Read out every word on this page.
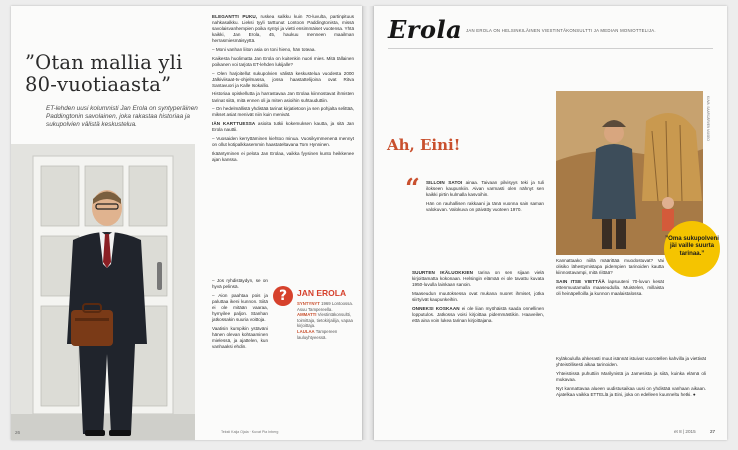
”Otan mallia yli 80-vuotiaasta”
ET-lehden uusi kolumnisti Jan Erola on syntyperäinen Paddingtonin savolainen, joka rakastaa historiaa ja sukupolvien välistä keskustelua.

ELEGANTTI PUKU, ruskea salkku kuin 70-luvulta, partinpituus nahkasalkku. Lieksi tyyli tarttunut Lontoon Paddingtonista, missä savolaisvanhempien poika syntyi ja vietti ensimmäiset vuotensa. Yhtä kaikki, Jan Erola, 45, haukuu menneen maailman herrasmiesmäisyyttä.

– Moni vanhan liiton asia on toni hieno, hän toteaa.

Kaikesta huolimatta Jan Erola on kuitenkin nuori mies. Mitä tällainen poikanen voi tarjota ET-lehden lukijalle?

– Olen harjoitellut sukupolvien välistä keskustelua vuodesta 2000 Jälkiviisaat-tv-ohjelmassa, jossa haastattelijoina ovat Ritva Santavuori ja Kalle Isokallio.

Historiaa opiskellutta ja harrastavaa Jan Erolaa kiinnostavat ihmisten tarinat siitä, mitä ennen oli ja miten asioihin suhtauduttiin.

– On hedelmällistä yhdistää tarinat kirjatietoon ja sen pohjalta selittää, mikset asiat menivät niin kuin menivät.

IÄN KARTTUESSA asioita tutkii kokemuksen kautta, ja sitä Jan Erola nauttii.

– Vuosaiden kerryttäminen kiehtoo minua. Vuosikymmenenä mennyt on ollut kotipalkkasemmin haastateltavana Tom Hynninen.

Ikääntyminen ei pelota Jan Erolaa, vaikka fyysinen kunto heikkenee ajan kanssa.

– Jos ryhdistäydyn, se on hyvä pelinsä.

– Aion paahtaa pois ja paluttaa ikeni kunnon. Siitä ei ole mitään vaaraa, hymyilee paljon. Stanhan jatkossakin suuria voittoja.

Vaatisin kumpikin ystäväni hänen olevan kohtaaminen mielessä, ja ajattelen, kun vanhaaksi ehdin.

?	JAN EROLA
SYNTYNYT 1969 Lontoossa.
Asuu Tampereella.
AMMATTI Viestintäkonsultti, toimittaja, tietokirjailija, vapaa kirjoittaja.
LAULAA Tampereen lauluyhtyeessä.
Teksti Kaija Ojala · Kuvat Pia Inberg
26
Erola JAN EROLA ON HELSINKILÄINEN VIESTINTÄKONSULTTI JA MEDIAN MONIOTTELIJA.
Ah, Eini!
“ SILLOIN SATOI ainaa. Taivaan pilvisyys teki ja tuli ilokseen kaupunkiin. Aivan varmasti olen nähnyt sen kaikki pirtin kulmalla kasvoihin.

Hän on rauhallisen rakkaani ja tänä vuonna sain saman valokuvan. Valokuva on päivätty vuoteen 1970.

SUURTEN IKÄLUOKKIEN tarina on sen sijaan vielä kirjoittamatta kokonaan. Helsingin elämää ei ole tavattu kuvata 1950-luvulla lainkaan sanoin.

Maaseudun muutoksessa ovat mukana nuoret ihmiset, jotka siirtyivät kaupunkeihin.

ONNEKSI KOSKAAN ei ole liian myöhäistä saada onnellinen lopputulos. Jatkossa voisi kirjoittaa pidemmästikin. Haaveilen, että aina voin lukea tarinan kirjoittajana.

KUVA: SAARIJÄRVEN MUSEO
”Oma sukupolveni jäi vaille suurta tarinaa.”

Kannattaako niillä määrittää muodostuvat? Vai olisiko lähestymistapa pidempien tarinoiden kautta kiinnostavampi, mitä riittää?

SAIN ITSE VIETTÄÄ lapsuuteni 70-luvun kesät ettenmuutamalla maaseudulla. Muistelen, millaista oli heinäpelloilla ja kunnon maalaistalossa.

Kyläkoululla ahkerasti muut isännät istuivat vuorotellen kahvilla ja viettivät yhteisöllisesti aikaa tarinoiden.

Yhteisöissä puhuttiin Marilynistä ja Jamesista ja siitä, kuinka elämä oli mukavaa.

Nyt kannattavaa alueen uudistusaikaa uusi on yhdistää vanhaan aikaan. Ajatelkaa vaikka ETTELlä ja Eini, joka on edelleen kuunneltu hetki. ●

et 8 | 2015	27
